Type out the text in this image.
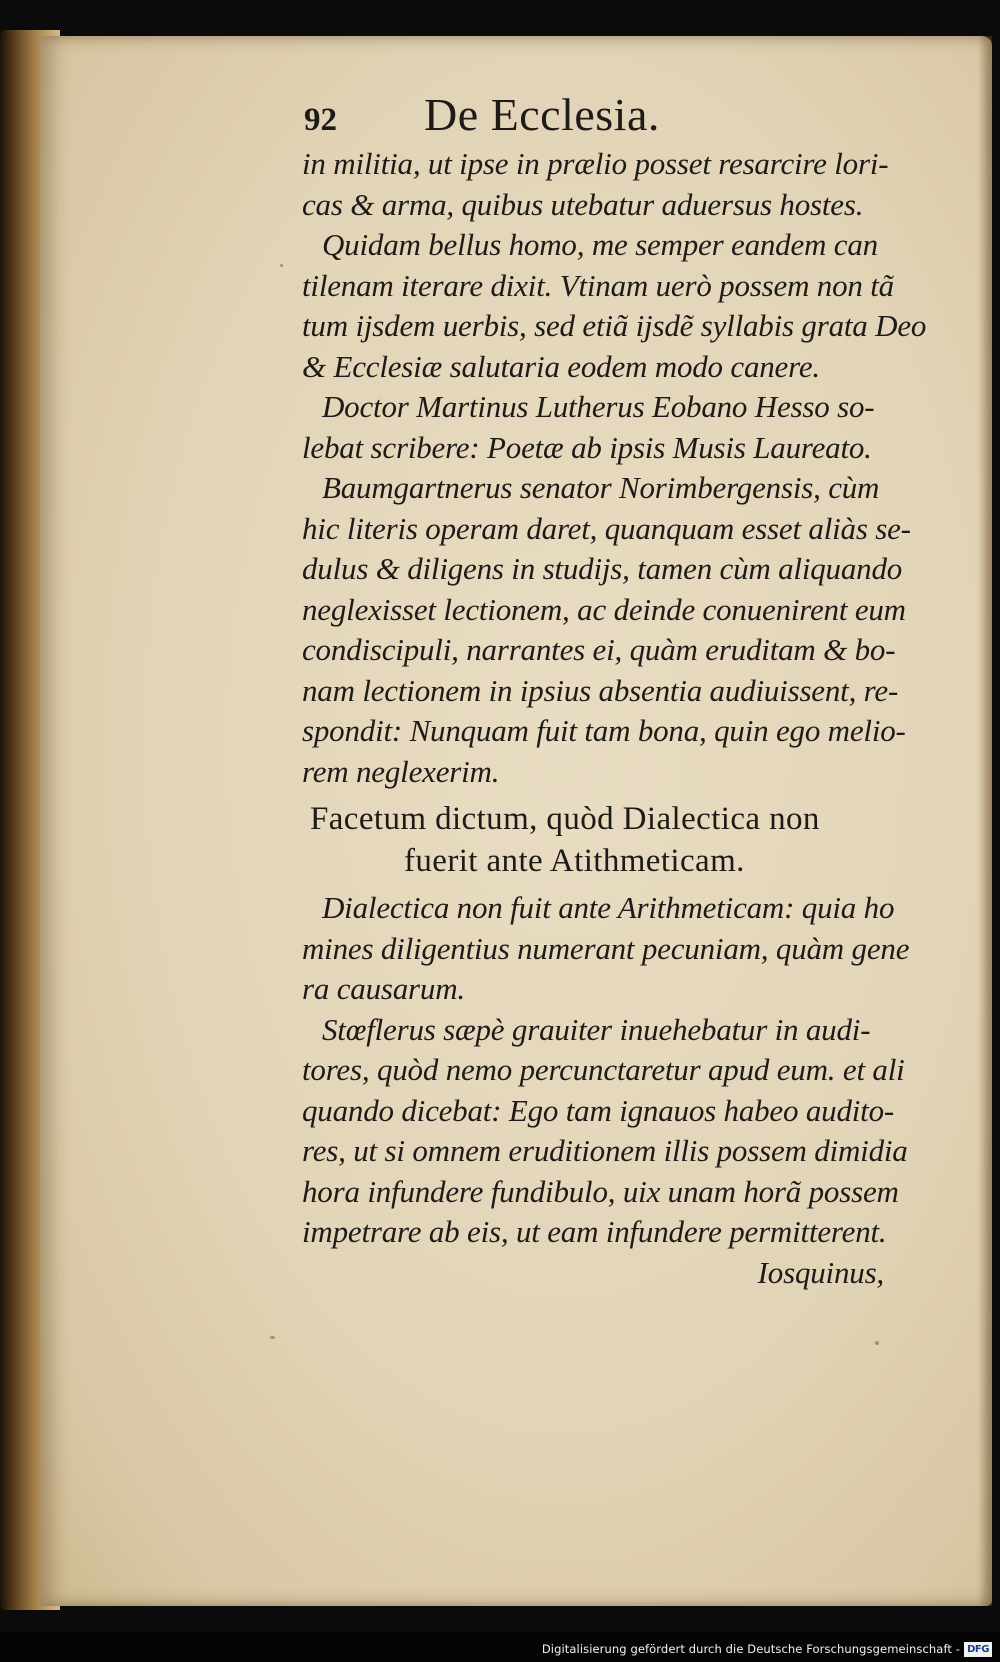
92	De Ecclesia.
in militia, ut ipse in prælio posset resarcire lori-
cas & arma, quibus utebatur aduersus hostes.
Quidam bellus homo, me semper eandem can
tilenam iterare dixit. Vtinam uerò possem non tã
tum ijsdem uerbis, sed etiã ijsdẽ syllabis grata Deo
& Ecclesiæ salutaria eodem modo canere.
Doctor Martinus Lutherus Eobano Hesso so-
lebat scribere: Poetæ ab ipsis Musis Laureato.
Baumgartnerus senator Norimbergensis, cùm
hic literis operam daret, quanquam esset aliàs se-
dulus & diligens in studijs, tamen cùm aliquando
neglexisset lectionem, ac deinde conuenirent eum
condiscipuli, narrantes ei, quàm eruditam & bo-
nam lectionem in ipsius absentia audiuissent, re-
spondit: Nunquam fuit tam bona, quin ego melio-
rem neglexerim.
Facetum dictum, quòd Dialectica non
fuerit ante Atithmeticam.
Dialectica non fuit ante Arithmeticam: quia ho
mines diligentius numerant pecuniam, quàm gene
ra causarum.
Stœflerus sæpè grauiter inuehebatur in audi-
tores, quòd nemo percunctaretur apud eum. et ali
quando dicebat: Ego tam ignauos habeo audito-
res, ut si omnem eruditionem illis possem dimidia
hora infundere fundibulo, uix unam horã possem
impetrare ab eis, ut eam infundere permitterent.
Iosquinus,
Digitalisierung gefördert durch die Deutsche Forschungsgemeinschaft - DFG
